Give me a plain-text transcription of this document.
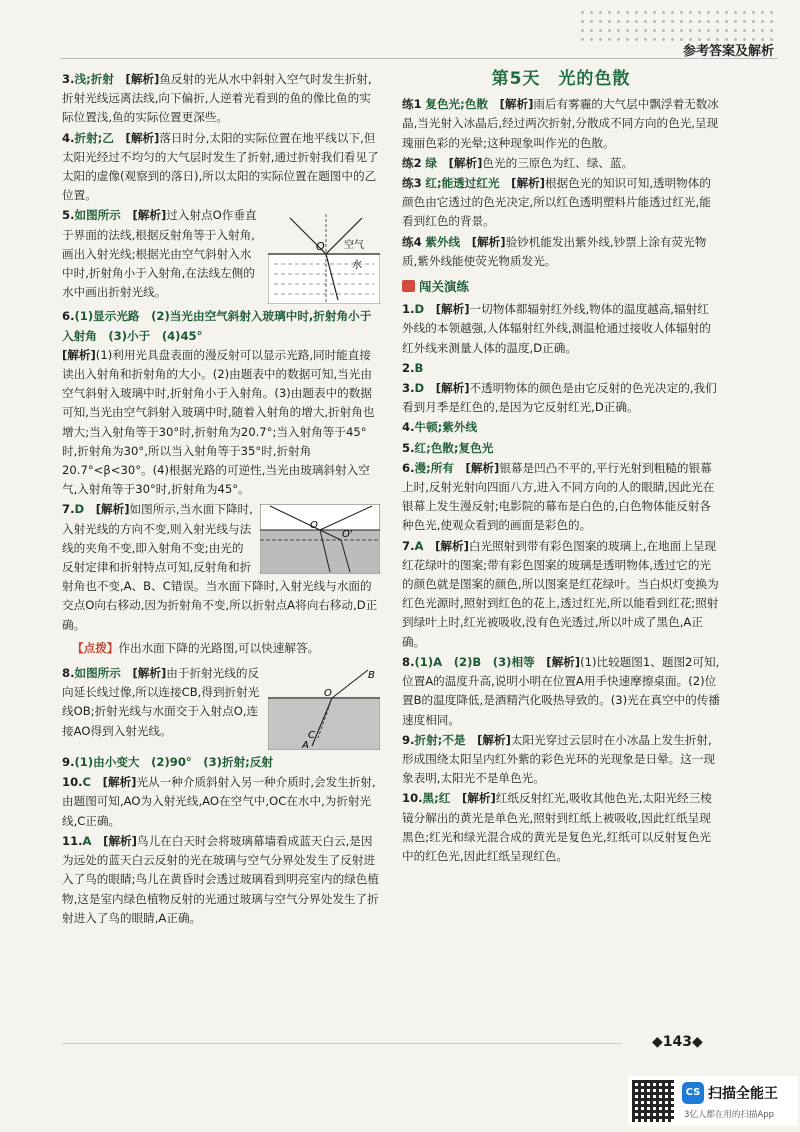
参考答案及解析
3.浅;折射　 [解析]鱼反射的光从水中斜射入空气时发生折射,折射光线远离法线,向下偏折,人逆着光看到的鱼的像比鱼的实际位置浅,鱼的实际位置更深些。
4.折射;乙　 [解析]落日时分,太阳的实际位置在地平线以下,但太阳光经过不均匀的大气层时发生了折射,通过折射我们看见了太阳的虚像(观察到的落日),所以太阳的实际位置在题图中的乙位置。
O 空气
水
5.如图所示　 [解析]过入射点O作垂直于界面的法线,根据反射角等于入射角,画出入射光线;根据光由空气斜射入水中时,折射角小于入射角,在法线左侧的水中画出折射光线。
6.(1)显示光路　(2)当光由空气斜射入玻璃中时,折射角小于入射角　(3)小于　(4)45°
[解析](1)利用光具盘表面的漫反射可以显示光路,同时能直接读出入射角和折射角的大小。(2)由题表中的数据可知,当光由空气斜射入玻璃中时,折射角小于入射角。(3)由题表中的数据可知,当光由空气斜射入玻璃中时,随着入射角的增大,折射角也增大;当入射角等于30°时,折射角为20.7°;当入射角等于45°时,折射角为30°,所以当入射角等于35°时,折射角20.7°<β<30°。(4)根据光路的可逆性,当光由玻璃斜射入空气,入射角等于30°时,折射角为45°。
O
O'
7.D　 [解析]如图所示,当水面下降时,入射光线的方向不变,则入射光线与法线的夹角不变,即入射角不变;由光的反射定律和折射特点可知,反射角和折射角也不变,A、B、C错误。当水面下降时,入射光线与水面的交点O向右移动,因为折射角不变,所以折射点A将向右移动,D正确。
【点拨】作出水面下降的光路图,可以快速解答。
B
O
C
A
8.如图所示　 [解析]由于折射光线的反向延长线过像,所以连接CB,得到折射光线OB;折射光线与水面交于入射点O,连接AO得到入射光线。
9.(1)由小变大　(2)90°　(3)折射;反射
10.C　 [解析]光从一种介质斜射入另一种介质时,会发生折射,由题图可知,AO为入射光线,AO在空气中,OC在水中,为折射光线,C正确。
11.A　 [解析]鸟儿在白天时会将玻璃幕墙看成蓝天白云,是因为远处的蓝天白云反射的光在玻璃与空气分界处发生了反射进入了鸟的眼睛;鸟儿在黄昏时会透过玻璃看到明亮室内的绿色植物,这是室内绿色植物反射的光通过玻璃与空气分界处发生了折射进入了鸟的眼睛,A正确。
第5天　光的色散
练1 复色光;色散　 [解析]雨后有雾霾的大气层中飘浮着无数冰晶,当光射入冰晶后,经过两次折射,分散成不同方向的色光,呈现瑰丽色彩的光晕;这种现象叫作光的色散。
练2 绿　 [解析]色光的三原色为红、绿、蓝。
练3 红;能透过红光　 [解析]根据色光的知识可知,透明物体的颜色由它透过的色光决定,所以红色透明塑料片能透过红光,能看到红色的背景。
练4 紫外线　 [解析]验钞机能发出紫外线,钞票上涂有荧光物质,紫外线能使荧光物质发光。
闯关演练
1.D　 [解析]一切物体都辐射红外线,物体的温度越高,辐射红外线的本领越强,人体辐射红外线,测温枪通过接收人体辐射的红外线来测量人体的温度,D正确。
2.B
3.D　 [解析]不透明物体的颜色是由它反射的色光决定的,我们看到月季是红色的,是因为它反射红光,D正确。
4.牛顿;紫外线
5.红;色散;复色光
6.漫;所有　 [解析]银幕是凹凸不平的,平行光射到粗糙的银幕上时,反射光射向四面八方,进入不同方向的人的眼睛,因此光在银幕上发生漫反射;电影院的幕布是白色的,白色物体能反射各种色光,使观众看到的画面是彩色的。
7.A　 [解析]白光照射到带有彩色图案的玻璃上,在地面上呈现红花绿叶的图案;带有彩色图案的玻璃是透明物体,透过它的光的颜色就是图案的颜色,所以图案是红花绿叶。当白炽灯变换为红色光源时,照射到红色的花上,透过红光,所以能看到红花;照射到绿叶上时,红光被吸收,没有色光透过,所以叶成了黑色,A正确。
8.(1)A　(2)B　(3)相等　 [解析](1)比较题图1、题图2可知,位置A的温度升高,说明小明在位置A用手快速摩擦桌面。(2)位置B的温度降低,是酒精汽化吸热导致的。(3)光在真空中的传播速度相同。
9.折射;不是　 [解析]太阳光穿过云层时在小冰晶上发生折射,形成围绕太阳呈内红外紫的彩色光环的光现象是日晕。这一现象表明,太阳光不是单色光。
10.黑;红　 [解析]红纸反射红光,吸收其他色光,太阳光经三棱镜分解出的黄光是单色光,照射到红纸上被吸收,因此红纸呈现黑色;红光和绿光混合成的黄光是复色光,红纸可以反射复色光中的红色光,因此红纸呈现红色。
◆143◆
CS 扫描全能王
3亿人都在用的扫描App
